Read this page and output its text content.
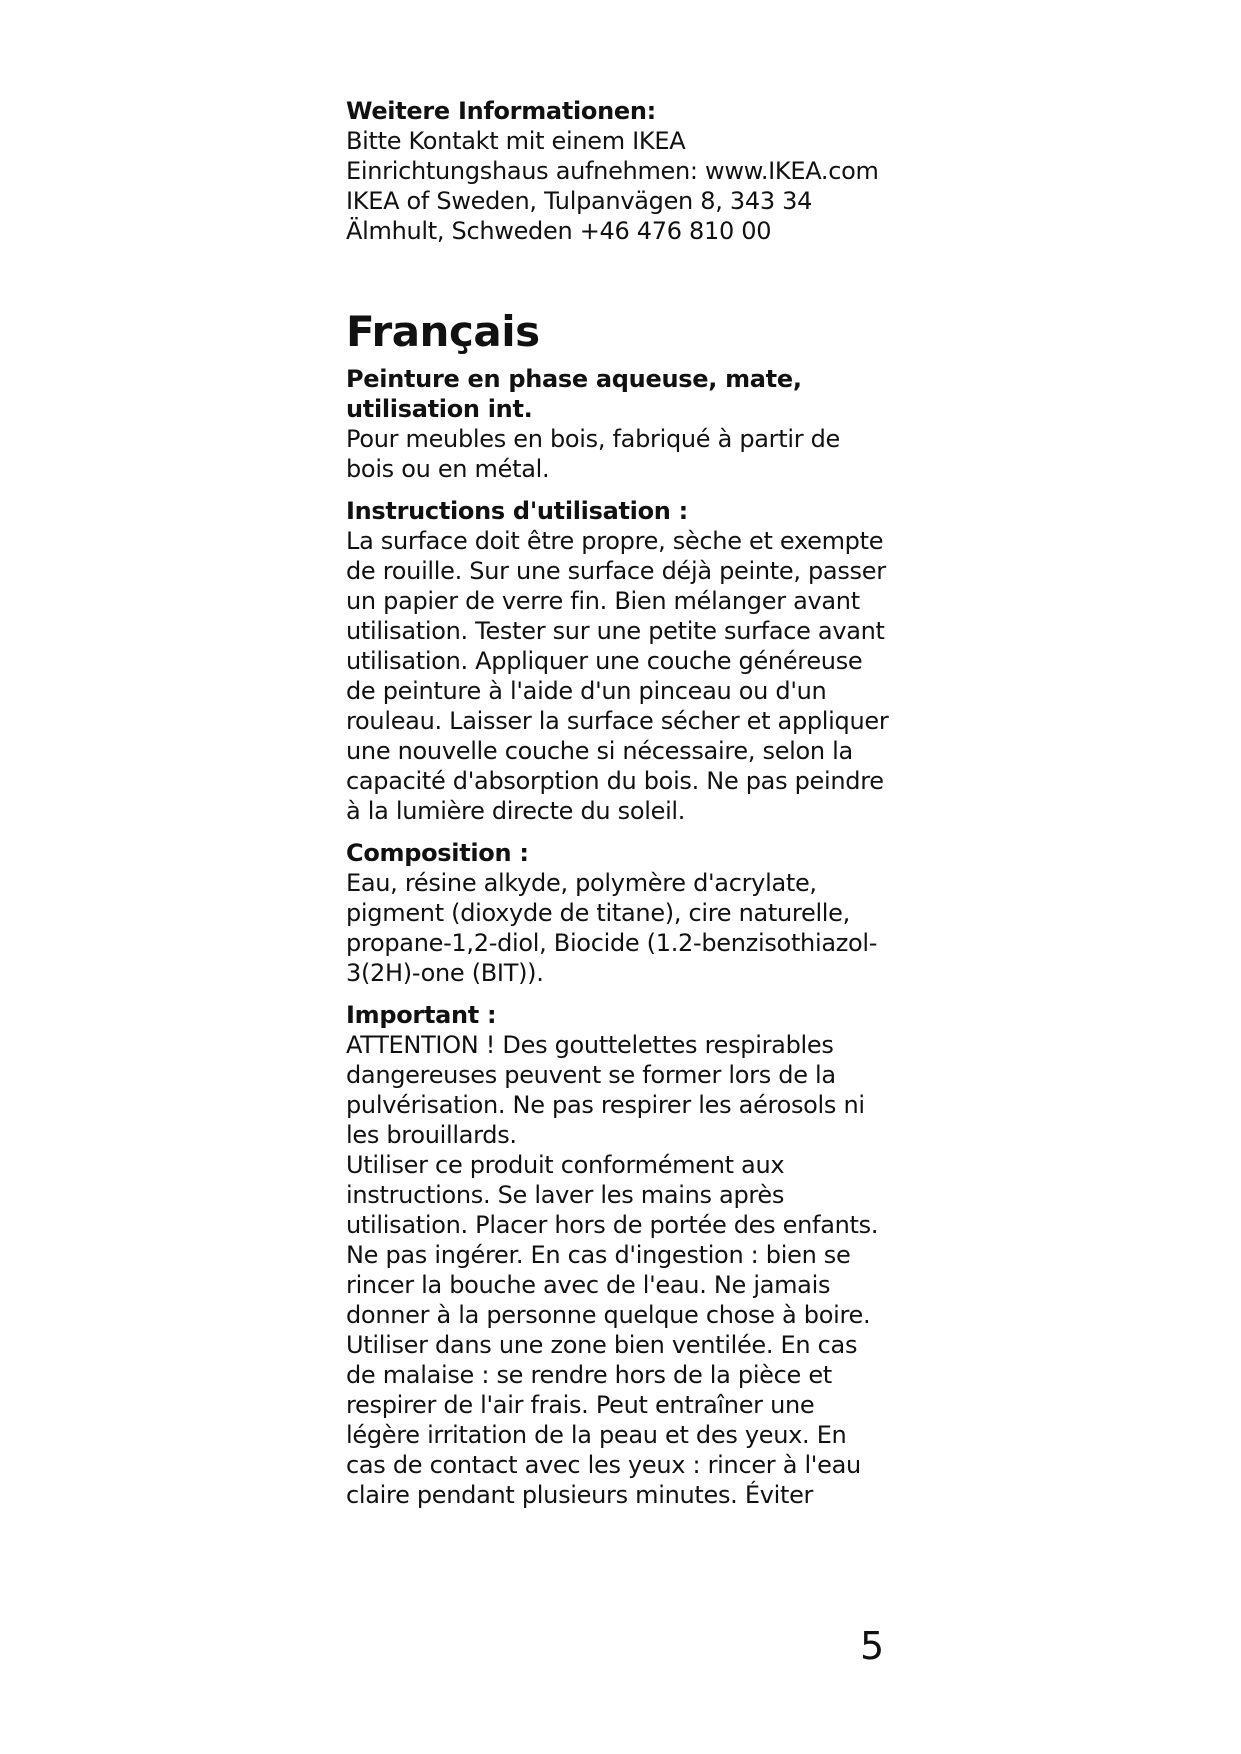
Weitere Informationen:
Bitte Kontakt mit einem IKEA
Einrichtungshaus aufnehmen: www.IKEA.com
IKEA of Sweden, Tulpanvägen 8, 343 34
Älmhult, Schweden +46 476 810 00
Français
Peinture en phase aqueuse, mate,
utilisation int.
Pour meubles en bois, fabriqué à partir de
bois ou en métal.
Instructions d'utilisation :
La surface doit être propre, sèche et exempte
de rouille. Sur une surface déjà peinte, passer
un papier de verre fin. Bien mélanger avant
utilisation. Tester sur une petite surface avant
utilisation. Appliquer une couche généreuse
de peinture à l'aide d'un pinceau ou d'un
rouleau. Laisser la surface sécher et appliquer
une nouvelle couche si nécessaire, selon la
capacité d'absorption du bois. Ne pas peindre
à la lumière directe du soleil.
Composition :
Eau, résine alkyde, polymère d'acrylate,
pigment (dioxyde de titane), cire naturelle,
propane-1,2-diol, Biocide (1.2-benzisothiazol-
3(2H)-one (BIT)).
Important :
ATTENTION ! Des gouttelettes respirables
dangereuses peuvent se former lors de la
pulvérisation. Ne pas respirer les aérosols ni
les brouillards.
Utiliser ce produit conformément aux
instructions. Se laver les mains après
utilisation. Placer hors de portée des enfants.
Ne pas ingérer. En cas d'ingestion : bien se
rincer la bouche avec de l'eau. Ne jamais
donner à la personne quelque chose à boire.
Utiliser dans une zone bien ventilée. En cas
de malaise : se rendre hors de la pièce et
respirer de l'air frais. Peut entraîner une
légère irritation de la peau et des yeux. En
cas de contact avec les yeux : rincer à l'eau
claire pendant plusieurs minutes. Éviter
5
